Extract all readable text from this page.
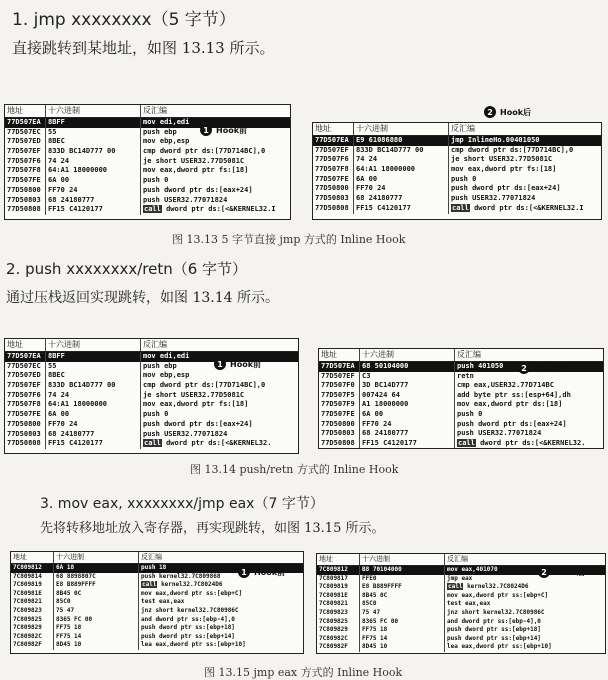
1. jmp xxxxxxxx（5 字节）
直接跳转到某地址，如图 13.13 所示。
地址	十六进制	反汇编
77D507EA	8BFF	mov edi,edi
77D507EC	55	push ebp
77D507ED	8BEC	mov ebp,esp
77D507EF	833D BC14D777 00	cmp dword ptr ds:[77D714BC],0
77D507F6	74 24	je short USER32.77D5081C
77D507F8	64:A1 18000000	mov eax,dword ptr fs:[18]
77D507FE	6A 00	push 0
77D50800	FF70 24	push dword ptr ds:[eax+24]
77D50803	68 24180777	push USER32.77071824
77D50808	FF15 C4120177	call dword ptr ds:[<&KERNEL32.I
1 Hook前
2 Hook后
地址	十六进制	反汇编
77D507EA	E9 61086880	jmp InlineHo.00401050
77D507EF	833D BC14D777 00	cmp dword ptr ds:[77D714BC],0
77D507F6	74 24	je short USER32.77D5081C
77D507F8	64:A1 18000000	mov eax,dword ptr fs:[18]
77D507FE	6A 00	push 0
77D50800	FF70 24	push dword ptr ds:[eax+24]
77D50803	68 24180777	push USER32.77071824
77D50808	FF15 C4120177	call dword ptr ds:[<&KERNEL32.I
图 13.13 5 字节直接 jmp 方式的 Inline Hook
2. push xxxxxxxx/retn（6 字节）
通过压栈返回实现跳转，如图 13.14 所示。
地址	十六进制	反汇编
77D507EA	8BFF	mov edi,edi
77D507EC	55	push ebp
77D507ED	8BEC	mov ebp,esp
77D507EF	833D BC14D777 00	cmp dword ptr ds:[77D714BC],0
77D507F6	74 24	je short USER32.77D5081C
77D507F8	64:A1 18000000	mov eax,dword ptr fs:[18]
77D507FE	6A 00	push 0
77D50800	FF70 24	push dword ptr ds:[eax+24]
77D50803	68 24180777	push USER32.77071824
77D50808	FF15 C4120177	call dword ptr ds:[<&KERNEL32.
1 Hook前
地址	十六进制	反汇编
77D507EA	68 50104000	push 401050
77D507EF	C3	retn
77D507F0	3D BC14D777	cmp eax,USER32.77D714BC
77D507F5	007424 64	add byte ptr ss:[esp+64],dh
77D507F9	A1 18000000	mov eax,dword ptr ds:[18]
77D507FE	6A 00	push 0
77D50800	FF70 24	push dword ptr ds:[eax+24]
77D50803	68 24180777	push USER32.77071824
77D50808	FF15 C4120177	call dword ptr ds:[<&KERNEL32.
2 Hook后
图 13.14 push/retn 方式的 Inline Hook
3. mov eax, xxxxxxxx/jmp eax（7 字节）
先将转移地址放入寄存器，再实现跳转，如图 13.15 所示。
地址	十六进制	反汇编
7C809812	6A 18	push 18
7C809814	68 8898807C	push kernel32.7C809868
7C809819	E8 B889FFFF	call kernel32.7C8024D6
7C80981E	8B45 0C	mov eax,dword ptr ss:[ebp+C]
7C809821	85C0	test eax,eax
7C809823	75 47	jnz short kernel32.7C80986C
7C809825	8365 FC 00	and dword ptr ss:[ebp-4],0
7C809829	FF75 18	push dword ptr ss:[ebp+18]
7C80982C	FF75 14	push dword ptr ss:[ebp+14]
7C80982F	8D45 10	lea eax,dword ptr ss:[ebp+10]
1 Hook前
地址	十六进制	反汇编
7C809812	B8 70104000	mov eax,401070
7C809817	FFE0	jmp eax
7C809819	E8 B889FFFF	call kernel32.7C8024D6
7C80981E	8B45 0C	mov eax,dword ptr ss:[ebp+C]
7C809821	85C0	test eax,eax
7C809823	75 47	jnz short kernel32.7C80986C
7C809825	8365 FC 00	and dword ptr ss:[ebp-4],0
7C809829	FF75 18	push dword ptr ss:[ebp+18]
7C80982C	FF75 14	push dword ptr ss:[ebp+14]
7C80982F	8D45 10	lea eax,dword ptr ss:[ebp+10]
2 Hook后
图 13.15 jmp eax 方式的 Inline Hook
